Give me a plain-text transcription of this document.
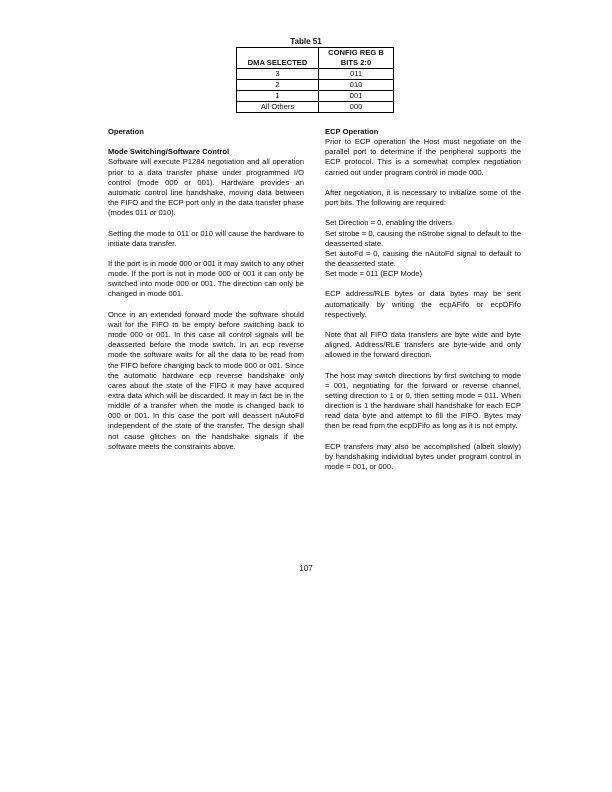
Table 51
DMA SELECTED	CONFIG REG B BITS 2:0
3	011
2	010
1	001
All Others	000
Operation
Mode Switching/Software Control

Software will execute P1284 negotiation and all operation prior to a data transfer phase under programmed I/O control (mode 000 or 001). Hardware provides an automatic control line handshake, moving data between the FIFO and the ECP port only in the data transfer phase (modes 011 or 010).

Setting the mode to 011 or 010 will cause the hardware to initiate data transfer.

If the port is in mode 000 or 001 it may switch to any other mode. If the port is not in mode 000 or 001 it can only be switched into mode 000 or 001. The direction can only be changed in mode 001.

Once in an extended forward mode the software should wait for the FIFO to be empty before switching back to mode 000 or 001. In this case all control signals will be deasserted before the mode switch. In an ecp reverse mode the software waits for all the data to be read from the FIFO before changing back to mode 000 or 001. Since the automatic hardware ecp reverse handshake only cares about the state of the FIFO it may have acquired extra data which will be discarded. It may in fact be in the middle of a transfer when the mode is changed back to 000 or 001. In this case the port will deassert nAutoFd independent of the state of the transfer. The design shall not cause glitches on the handshake signals if the software meets the constraints above.

ECP Operation

Prior to ECP operation the Host must negotiate on the parallel port to determine if the peripheral supports the ECP protocol. This is a somewhat complex negotiation carried out under program control in mode 000.

After negotiation, it is necessary to initialize some of the port bits. The following are required:

Set Direction = 0, enabling the drivers.
Set strobe = 0, causing the nStrobe signal to default to the deasserted state.
Set autoFd = 0, causing the nAutoFd signal to default to the deasserted state.

Set mode = 011 (ECP Mode)

ECP address/RLE bytes or data bytes may be sent automatically by writing the ecpAFifo or ecpDFifo respectively.

Note that all FIFO data transfers are byte wide and byte aligned. Address/RLE transfers are byte-wide and only allowed in the forward direction.

The host may switch directions by first switching to mode = 001, negotiating for the forward or reverse channel, setting direction to 1 or 0, then setting mode = 011. When direction is 1 the hardware shall handshake for each ECP read data byte and attempt to fill the FIFO. Bytes may then be read from the ecpDFifo as long as it is not empty.

ECP transfers may also be accomplished (albeit slowly) by handshaking individual bytes under program control in mode = 001, or 000.

107
